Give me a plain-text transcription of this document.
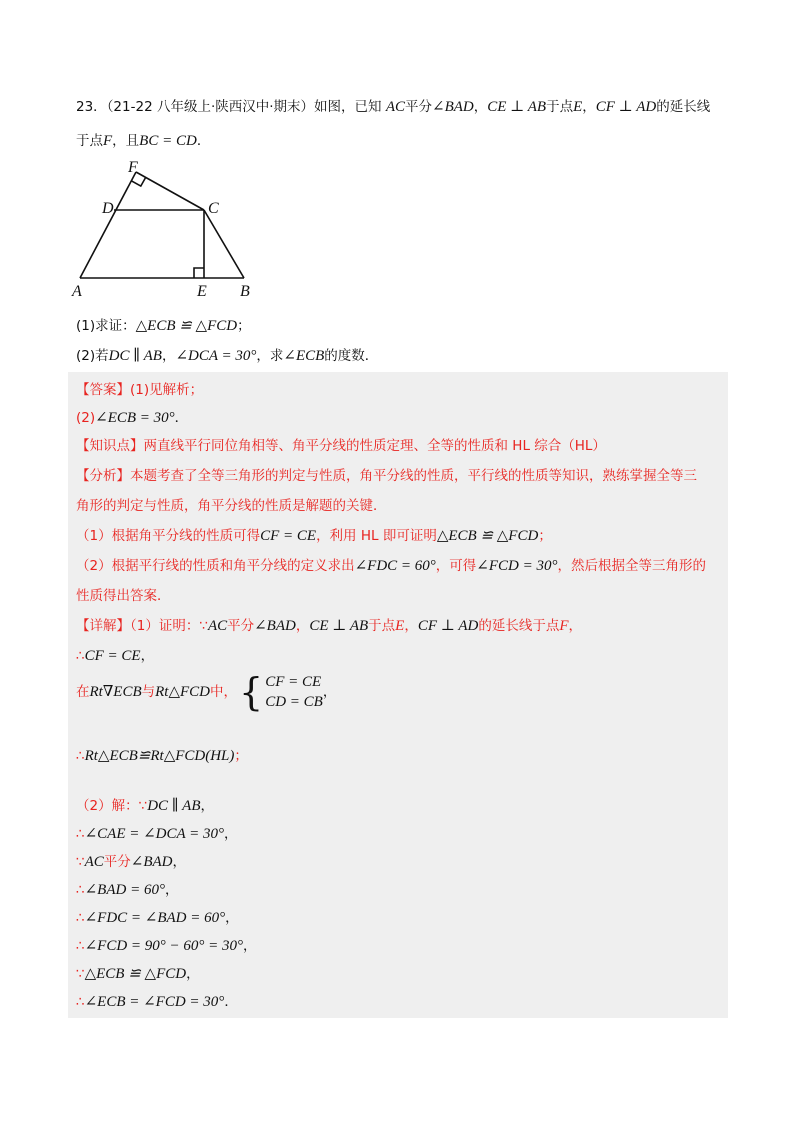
23．（21-22 八年级上·陕西汉中·期末）如图，已知 AC平分∠BAD，CE ⊥ AB于点E，CF ⊥ AD的延长线
于点F，且BC = CD．
F
D	C
A	E B
(1)求证：△ECB ≌ △FCD；
(2)若DC ∥ AB，∠DCA = 30°，求∠ECB的度数．
【答案】(1)见解析；
(2)∠ECB = 30°．
【知识点】两直线平行同位角相等、角平分线的性质定理、全等的性质和 HL 综合（HL）
【分析】本题考查了全等三角形的判定与性质，角平分线的性质，平行线的性质等知识，熟练掌握全等三
角形的判定与性质，角平分线的性质是解题的关键．
（1）根据角平分线的性质可得CF = CE，利用 HL 即可证明△ECB ≌ △FCD；
（2）根据平行线的性质和角平分线的定义求出∠FDC = 60°，可得∠FCD = 30°，然后根据全等三角形的
性质得出答案．
【详解】（1）证明：∵AC平分∠BAD，CE ⊥ AB于点E，CF ⊥ AD的延长线于点F，
∴CF = CE，
在Rt∇ECB与Rt△FCD中， { CF = CE
CD = CB
，
∴Rt△ECB≌Rt△FCD(HL)；
（2）解：∵DC ∥ AB，
∴∠CAE = ∠DCA = 30°，
∵AC平分∠BAD，
∴∠BAD = 60°，
∴∠FDC = ∠BAD = 60°，
∴∠FCD = 90° − 60° = 30°，
∵△ECB ≌ △FCD，
∴∠ECB = ∠FCD = 30°．
